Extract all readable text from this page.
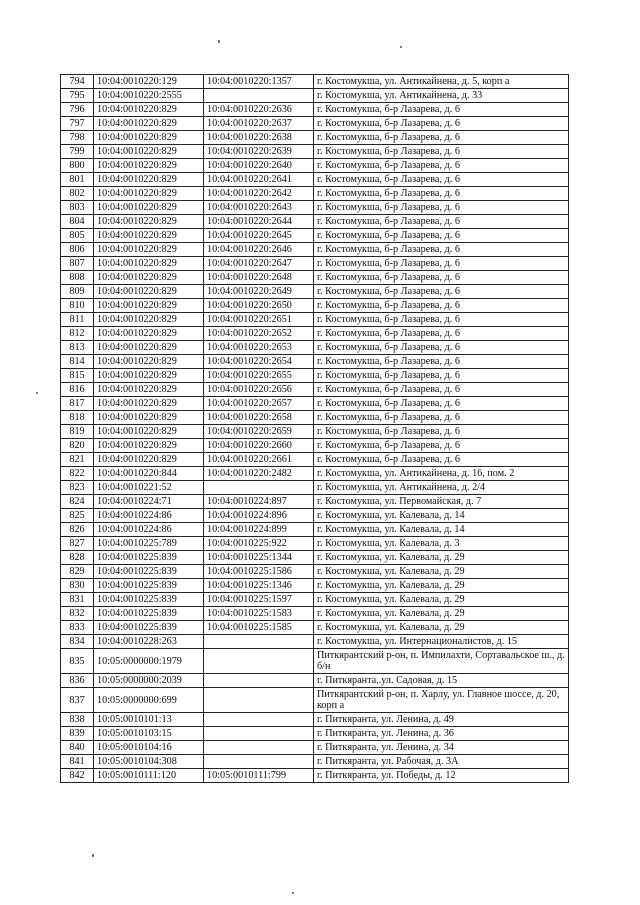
794	10:04:0010220:129	10:04:0010220:1357	г. Костомукша, ул. Антикайнена, д. 5, корп а
795	10:04:0010220:2555		г. Костомукша, ул. Антикайнена, д. 33
796	10:04:0010220:829	10:04:0010220:2636	г. Костомукша, б-р Лазарева, д. 6
797	10:04:0010220:829	10:04:0010220:2637	г. Костомукша, б-р Лазарева, д. 6
798	10:04:0010220:829	10:04:0010220:2638	г. Костомукша, б-р Лазарева, д. 6
799	10:04:0010220:829	10:04:0010220:2639	г. Костомукша, б-р Лазарева, д. 6
800	10:04:0010220:829	10:04:0010220:2640	г. Костомукша, б-р Лазарева, д. 6
801	10:04:0010220:829	10:04:0010220:2641	г. Костомукша, б-р Лазарева, д. 6
802	10:04:0010220:829	10:04:0010220:2642	г. Костомукша, б-р Лазарева, д. 6
803	10:04:0010220:829	10:04:0010220:2643	г. Костомукша, б-р Лазарева, д. 6
804	10:04:0010220:829	10:04:0010220:2644	г. Костомукша, б-р Лазарева, д. 6
805	10:04:0010220:829	10:04:0010220:2645	г. Костомукша, б-р Лазарева, д. 6
806	10:04:0010220:829	10:04:0010220:2646	г. Костомукша, б-р Лазарева, д. 6
807	10:04:0010220:829	10:04:0010220:2647	г. Костомукша, б-р Лазарева, д. 6
808	10:04:0010220:829	10:04:0010220:2648	г. Костомукша, б-р Лазарева, д. 6
809	10:04:0010220:829	10:04:0010220:2649	г. Костомукша, б-р Лазарева, д. 6
810	10:04:0010220:829	10:04:0010220:2650	г. Костомукша, б-р Лазарева, д. 6
811	10:04:0010220:829	10:04:0010220:2651	г. Костомукша, б-р Лазарева, д. 6
812	10:04:0010220:829	10:04:0010220:2652	г. Костомукша, б-р Лазарева, д. 6
813	10:04:0010220:829	10:04:0010220:2653	г. Костомукша, б-р Лазарева, д. 6
814	10:04:0010220:829	10:04:0010220:2654	г. Костомукша, б-р Лазарева, д. 6
815	10:04:0010220:829	10:04:0010220:2655	г. Костомукша, б-р Лазарева, д. 6
816	10:04:0010220:829	10:04:0010220:2656	г. Костомукша, б-р Лазарева, д. 6
817	10:04:0010220:829	10:04:0010220:2657	г. Костомукша, б-р Лазарева, д. 6
818	10:04:0010220:829	10:04:0010220:2658	г. Костомукша, б-р Лазарева, д. 6
819	10:04:0010220:829	10:04:0010220:2659	г. Костомукша, б-р Лазарева, д. 6
820	10:04:0010220:829	10:04:0010220:2660	г. Костомукша, б-р Лазарева, д. 6
821	10:04:0010220:829	10:04:0010220:2661	г. Костомукша, б-р Лазарева, д. 6
822	10:04:0010220:844	10:04:0010220:2482	г. Костомукша, ул. Антикайнена, д. 16, пом. 2
823	10:04:0010221:52		г. Костомукша, ул. Антикайнена, д. 2/4
824	10:04:0010224:71	10:04:0010224:897	г. Костомукша, ул. Первомайская, д. 7
825	10:04:0010224:86	10:04:0010224:896	г. Костомукша, ул. Калевала, д. 14
826	10:04:0010224:86	10:04:0010224:899	г. Костомукша, ул. Калевала, д. 14
827	10:04:0010225:789	10:04:0010225:922	г. Костомукша, ул. Калевала, д. 3
828	10:04:0010225:839	10:04:0010225:1344	г. Костомукша, ул. Калевала, д. 29
829	10:04:0010225:839	10:04:0010225:1586	г. Костомукша, ул. Калевала, д. 29
830	10:04:0010225:839	10:04:0010225:1346	г. Костомукша, ул. Калевала, д. 29
831	10:04:0010225:839	10:04:0010225:1597	г. Костомукша, ул. Калевала, д. 29
832	10:04:0010225:839	10:04:0010225:1583	г. Костомукша, ул. Калевала, д. 29
833	10:04:0010225:839	10:04:0010225:1585	г. Костомукша, ул. Калевала, д. 29
834	10:04:0010228:263		г. Костомукша, ул. Интернационалистов, д. 15
835	10:05:0000000:1979		Питкярантский р-он, п. Импилахти, Сортавальское ш., д. б/н
836	10:05:0000000:2039		г. Питкяранта,.ул. Садовая, д. 15
837	10:05:0000000:699		Питкярантский р-он, п. Харлу, ул. Главное шоссе, д. 20, корп а
838	10:05:0010101:13		г. Питкяранта, ул. Ленина, д. 49
839	10:05:0010103:15		г. Питкяранта, ул. Ленина, д. 36
840	10:05:0010104:16		г. Питкяранта, ул. Ленина, д. 34
841	10:05:0010104:308		г. Питкяранта, ул. Рабочая, д. 3А
842	10:05:0010111:120	10:05:0010111:799	г. Питкяранта, ул. Победы, д. 12
